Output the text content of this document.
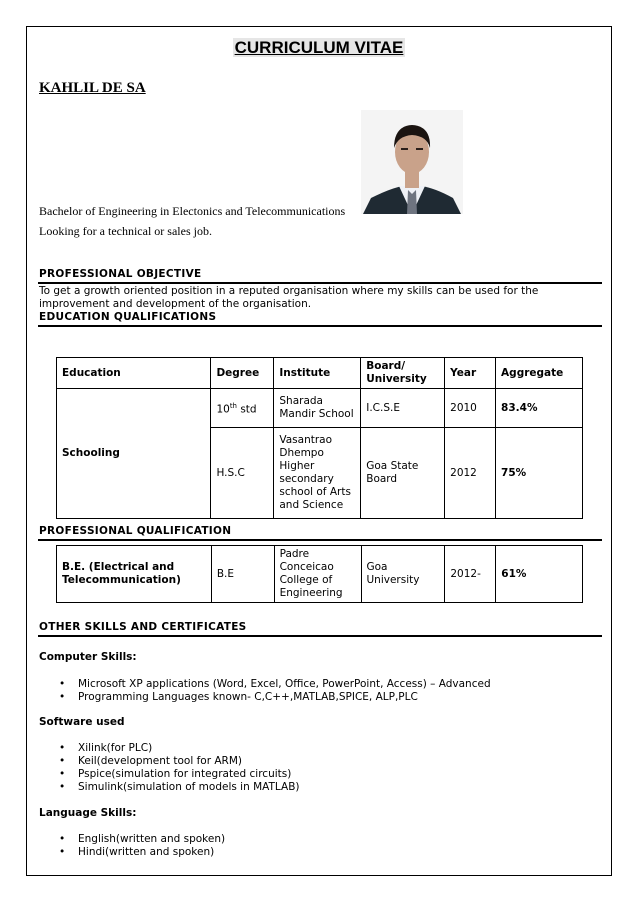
CURRICULUM VITAE
KAHLIL DE SA
Bachelor of Engineering in Electonics and Telecommunications
Looking for a technical or sales job.
PROFESSIONAL OBJECTIVE
To get a growth oriented position in a reputed organisation where my skills can be used for the improvement and development of the organisation.
EDUCATION QUALIFICATIONS
Education	Degree	Institute	Board/ University	Year	Aggregate
Schooling	10th std	Sharada Mandir School	I.C.S.E	2010	83.4%
	H.S.C	Vasantrao Dhempo Higher secondary school of Arts and Science	Goa State Board	2012	75%
PROFESSIONAL QUALIFICATION
B.E. (Electrical and Telecommunication)	B.E	Padre Conceicao College of Engineering	Goa University	2012-	61%
OTHER SKILLS AND CERTIFICATES
Computer Skills:
• Microsoft XP applications (Word, Excel, Office, PowerPoint, Access) – Advanced
• Programming Languages known- C,C++,MATLAB,SPICE, ALP,PLC
Software used
• Xilink(for PLC)
• Keil(development tool for ARM)
• Pspice(simulation for integrated circuits)
• Simulink(simulation of models in MATLAB)
Language Skills:
• English(written and spoken)
• Hindi(written and spoken)
